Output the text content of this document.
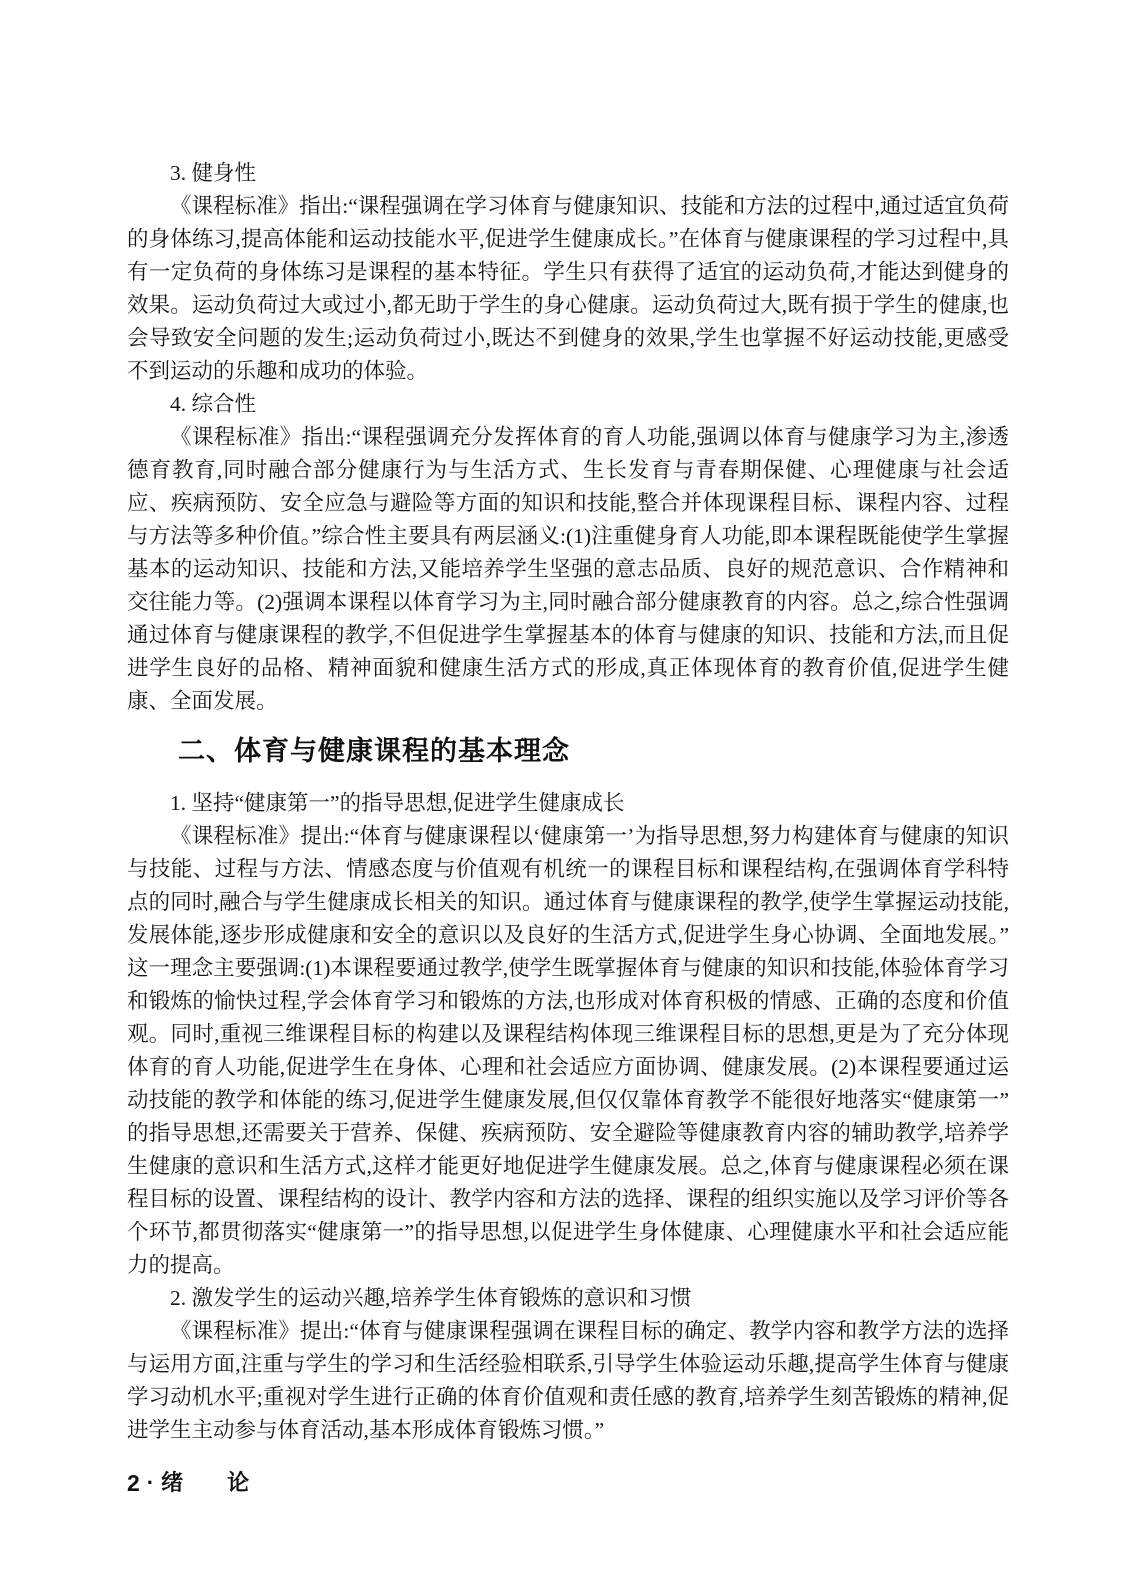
3. 健身性

《课程标准》指出:“课程强调在学习体育与健康知识、技能和方法的过程中,通过适宜负荷的身体练习,提高体能和运动技能水平,促进学生健康成长。”在体育与健康课程的学习过程中,具有一定负荷的身体练习是课程的基本特征。学生只有获得了适宜的运动负荷,才能达到健身的效果。运动负荷过大或过小,都无助于学生的身心健康。运动负荷过大,既有损于学生的健康,也会导致安全问题的发生;运动负荷过小,既达不到健身的效果,学生也掌握不好运动技能,更感受不到运动的乐趣和成功的体验。

4. 综合性

《课程标准》指出:“课程强调充分发挥体育的育人功能,强调以体育与健康学习为主,渗透德育教育,同时融合部分健康行为与生活方式、生长发育与青春期保健、心理健康与社会适应、疾病预防、安全应急与避险等方面的知识和技能,整合并体现课程目标、课程内容、过程与方法等多种价值。”综合性主要具有两层涵义:(1)注重健身育人功能,即本课程既能使学生掌握基本的运动知识、技能和方法,又能培养学生坚强的意志品质、良好的规范意识、合作精神和交往能力等。(2)强调本课程以体育学习为主,同时融合部分健康教育的内容。总之,综合性强调通过体育与健康课程的教学,不但促进学生掌握基本的体育与健康的知识、技能和方法,而且促进学生良好的品格、精神面貌和健康生活方式的形成,真正体现体育的教育价值,促进学生健康、全面发展。

二、体育与健康课程的基本理念
1. 坚持“健康第一”的指导思想,促进学生健康成长

《课程标准》提出:“体育与健康课程以‘健康第一’为指导思想,努力构建体育与健康的知识与技能、过程与方法、情感态度与价值观有机统一的课程目标和课程结构,在强调体育学科特点的同时,融合与学生健康成长相关的知识。通过体育与健康课程的教学,使学生掌握运动技能,发展体能,逐步形成健康和安全的意识以及良好的生活方式,促进学生身心协调、全面地发展。”这一理念主要强调:(1)本课程要通过教学,使学生既掌握体育与健康的知识和技能,体验体育学习和锻炼的愉快过程,学会体育学习和锻炼的方法,也形成对体育积极的情感、正确的态度和价值观。同时,重视三维课程目标的构建以及课程结构体现三维课程目标的思想,更是为了充分体现体育的育人功能,促进学生在身体、心理和社会适应方面协调、健康发展。(2)本课程要通过运动技能的教学和体能的练习,促进学生健康发展,但仅仅靠体育教学不能很好地落实“健康第一”的指导思想,还需要关于营养、保健、疾病预防、安全避险等健康教育内容的辅助教学,培养学生健康的意识和生活方式,这样才能更好地促进学生健康发展。总之,体育与健康课程必须在课程目标的设置、课程结构的设计、教学内容和方法的选择、课程的组织实施以及学习评价等各个环节,都贯彻落实“健康第一”的指导思想,以促进学生身体健康、心理健康水平和社会适应能力的提高。

2. 激发学生的运动兴趣,培养学生体育锻炼的意识和习惯

《课程标准》提出:“体育与健康课程强调在课程目标的确定、教学内容和教学方法的选择与运用方面,注重与学生的学习和生活经验相联系,引导学生体验运动乐趣,提高学生体育与健康学习动机水平;重视对学生进行正确的体育价值观和责任感的教育,培养学生刻苦锻炼的精神,促进学生主动参与体育活动,基本形成体育锻炼习惯。”

2 · 绪　　论
